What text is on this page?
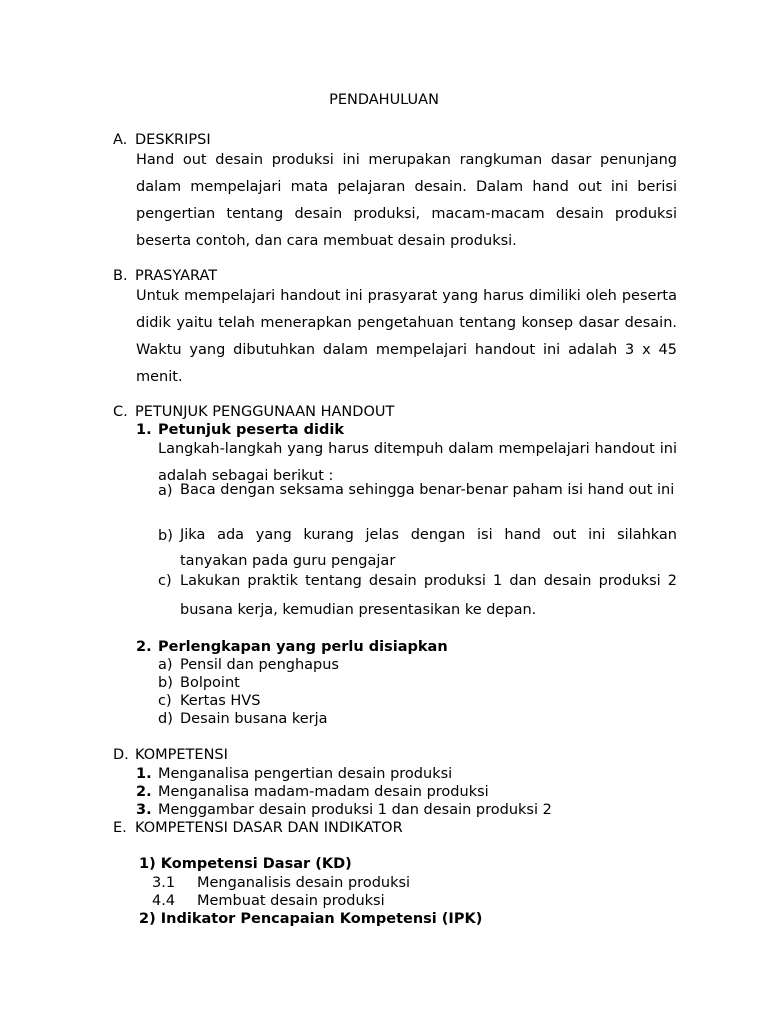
PENDAHULUAN
A. DESKRIPSI
Hand out desain produksi ini merupakan rangkuman dasar penunjang dalam mempelajari mata pelajaran desain. Dalam hand out ini berisi pengertian tentang desain produksi, macam-macam desain produksi beserta contoh, dan cara membuat desain produksi.
B. PRASYARAT
Untuk mempelajari handout ini prasyarat yang harus dimiliki oleh peserta didik yaitu telah menerapkan pengetahuan tentang konsep dasar desain. Waktu yang dibutuhkan dalam mempelajari handout ini adalah 3 x 45 menit.
C. PETUNJUK PENGGUNAAN HANDOUT
1. Petunjuk peserta didik
Langkah-langkah yang harus ditempuh dalam mempelajari handout ini adalah sebagai berikut :
a) Baca dengan seksama sehingga benar-benar paham isi hand out ini
b) Jika ada yang kurang jelas dengan isi hand out ini silahkan tanyakan pada guru pengajar
c) Lakukan praktik tentang desain produksi 1 dan desain produksi 2 busana kerja, kemudian presentasikan ke depan.
2. Perlengkapan yang perlu disiapkan
a) Pensil dan penghapus
b) Bolpoint
c) Kertas HVS
d) Desain busana kerja
D. KOMPETENSI
1. Menganalisa pengertian desain produksi
2. Menganalisa madam-madam desain produksi
3. Menggambar desain produksi 1 dan desain produksi 2
E. KOMPETENSI DASAR DAN INDIKATOR
1) Kompetensi Dasar (KD)
3.1 Menganalisis desain produksi
4.4 Membuat desain produksi
2) Indikator Pencapaian Kompetensi (IPK)
